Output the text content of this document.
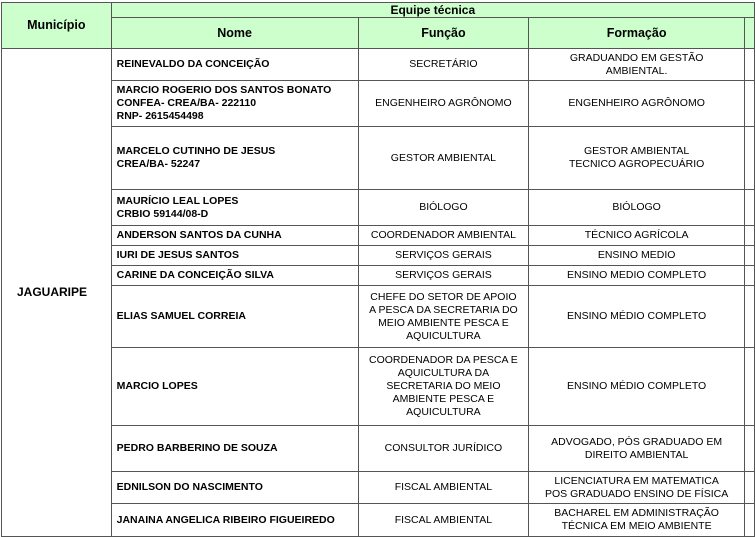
Município	Equipe técnica			
	Nome	Função	Formação	
JAGUARIPE	REINEVALDO DA CONCEIÇÃO	SECRETÁRIO	GRADUANDO EM GESTÃO
AMBIENTAL.	

	MARCIO ROGERIO DOS SANTOS BONATO
CONFEA- CREA/BA- 222110
RNP- 2615454498	ENGENHEIRO AGRÔNOMO	ENGENHEIRO AGRÔNOMO	

	MARCELO CUTINHO DE JESUS
CREA/BA- 52247	GESTOR AMBIENTAL	GESTOR AMBIENTAL
TECNICO AGROPECUÁRIO	

	MAURÍCIO LEAL LOPES
CRBIO 59144/08-D	BIÓLOGO	BIÓLOGO	

	ANDERSON SANTOS DA CUNHA	COORDENADOR AMBIENTAL	TÉCNICO AGRÍCOLA	

	IURI DE JESUS SANTOS	SERVIÇOS GERAIS	ENSINO MEDIO	

	CARINE DA CONCEIÇÃO SILVA	SERVIÇOS GERAIS	ENSINO MEDIO COMPLETO	

	ELIAS SAMUEL CORREIA	CHEFE DO SETOR DE APOIO
A PESCA DA SECRETARIA DO
MEIO AMBIENTE PESCA E
AQUICULTURA	ENSINO MÉDIO COMPLETO	

	MARCIO LOPES	COORDENADOR DA PESCA E
AQUICULTURA DA
SECRETARIA DO MEIO
AMBIENTE PESCA E
AQUICULTURA	ENSINO MÉDIO COMPLETO	

	PEDRO BARBERINO DE SOUZA	CONSULTOR JURÍDICO	ADVOGADO, PÓS GRADUADO EM
DIREITO AMBIENTAL	

	EDNILSON DO NASCIMENTO	FISCAL AMBIENTAL	LICENCIATURA EM MATEMATICA
POS GRADUADO ENSINO DE FÍSICA	

	JANAINA ANGELICA RIBEIRO FIGUEIREDO	FISCAL AMBIENTAL	BACHAREL EM ADMINISTRAÇÃO
TÉCNICA EM MEIO AMBIENTE	
